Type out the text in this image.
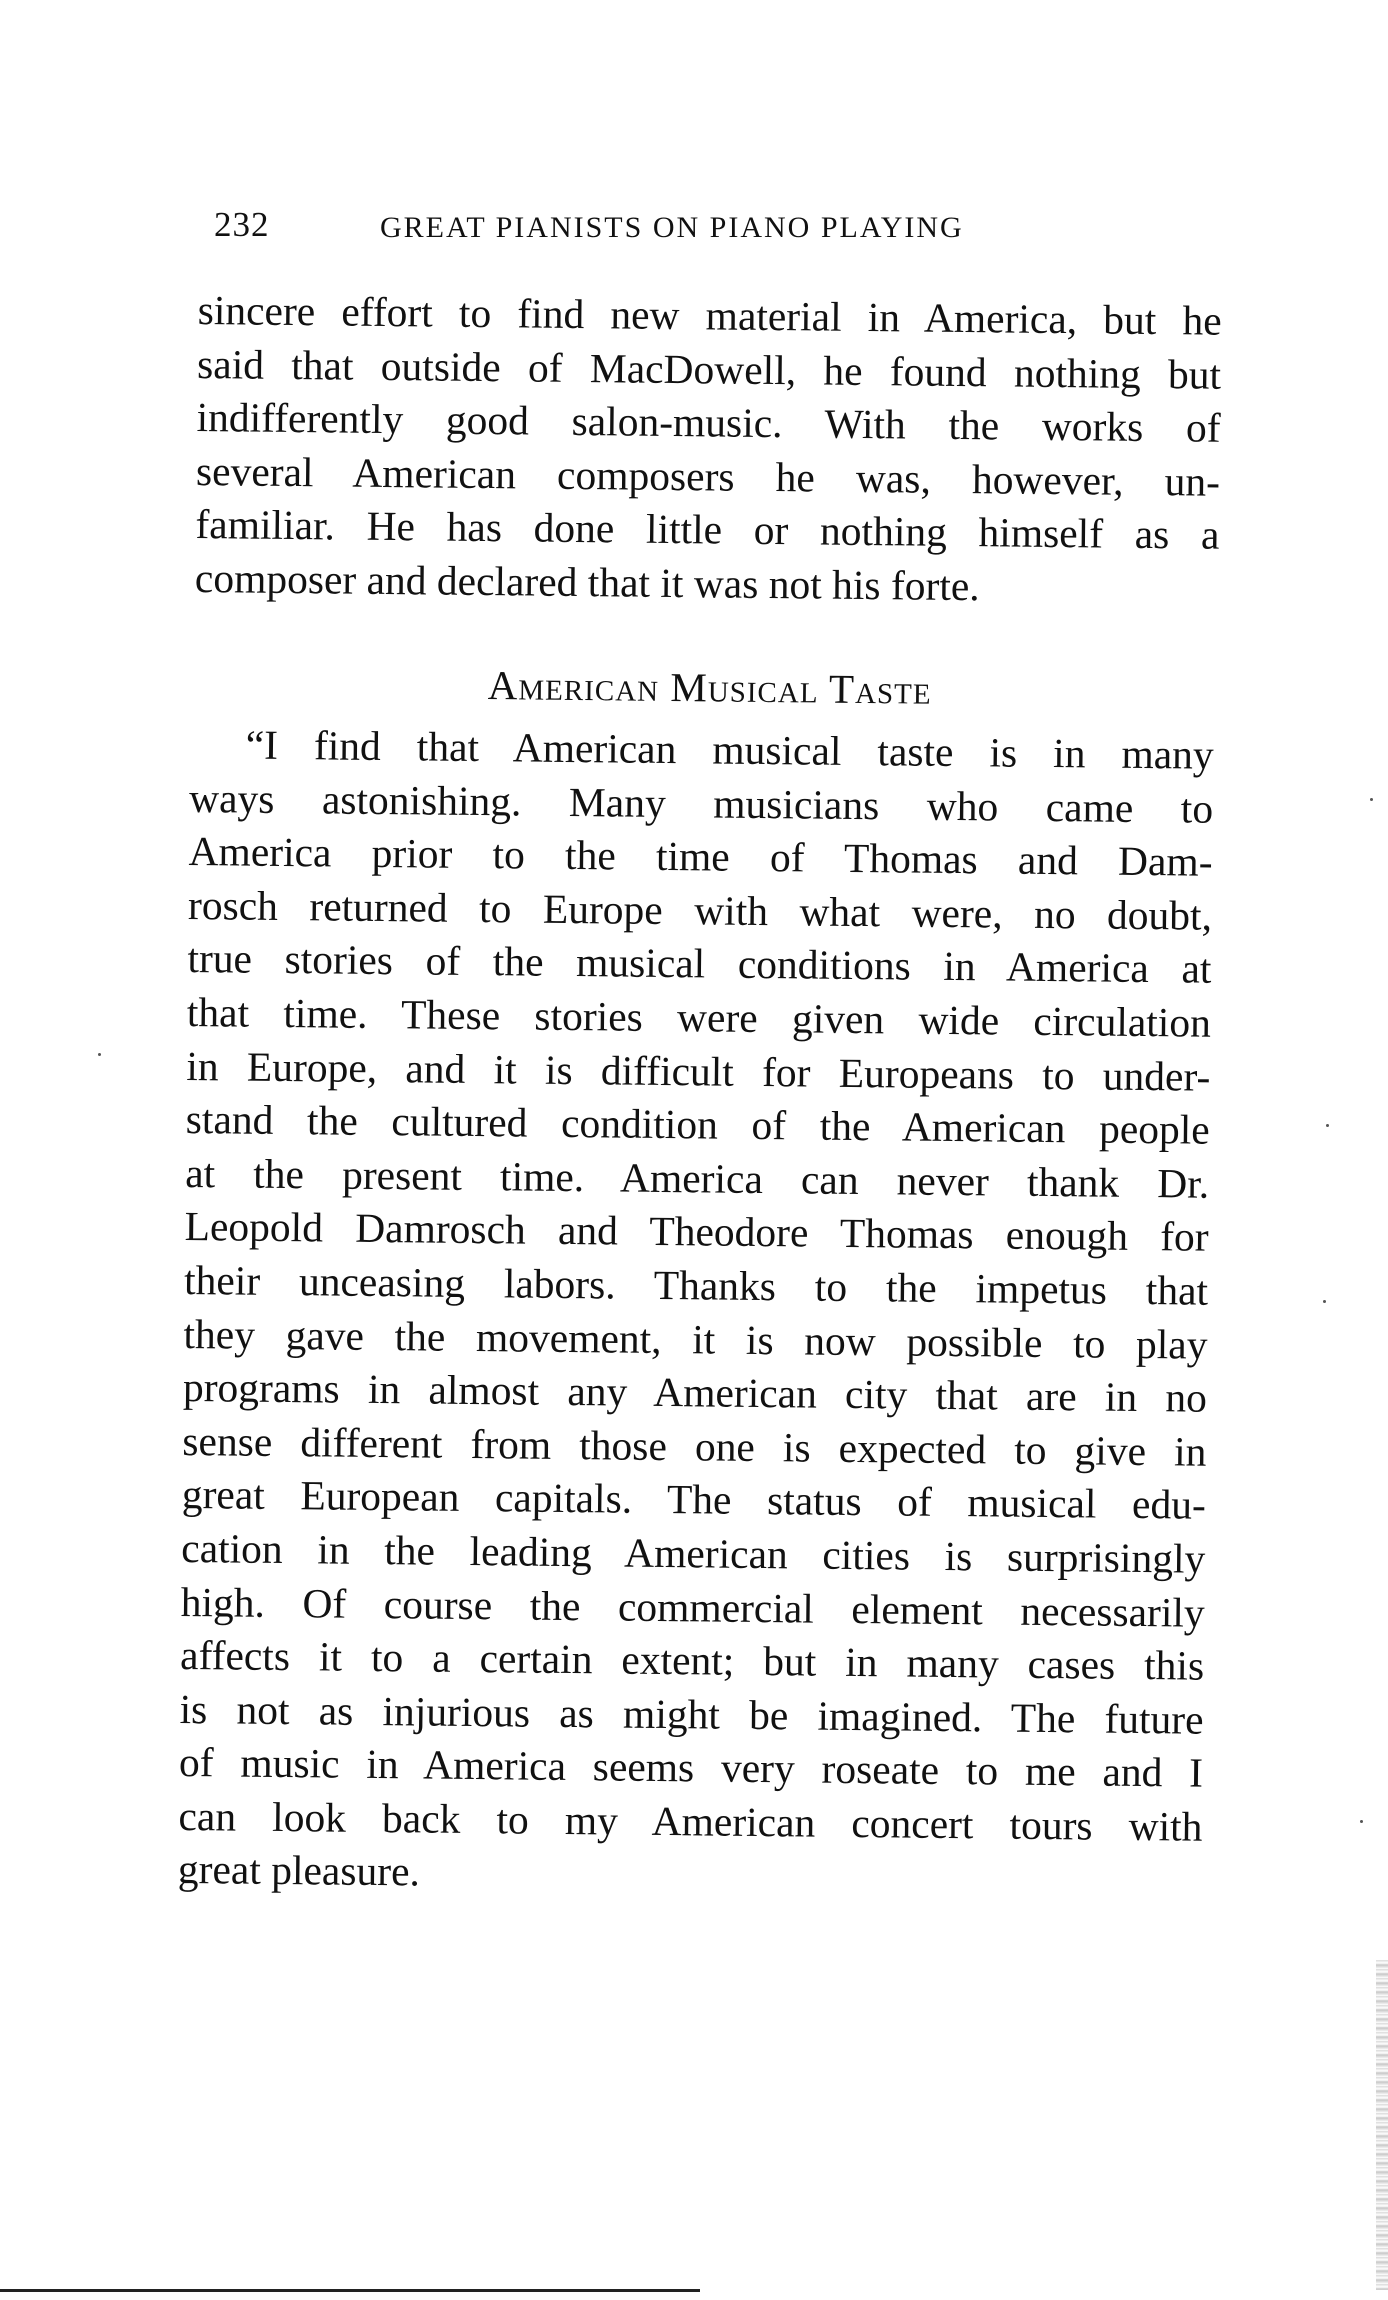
232	GREAT PIANISTS ON PIANO PLAYING
sincere effort to find new material in America, but he
said that outside of MacDowell, he found nothing but
indifferently good salon-music. With the works of
several American composers he was, however, un-
familiar. He has done little or nothing himself as a
composer and declared that it was not his forte.
American Musical Taste
“I find that American musical taste is in many
ways astonishing. Many musicians who came to
America prior to the time of Thomas and Dam-
rosch returned to Europe with what were, no doubt,
true stories of the musical conditions in America at
that time. These stories were given wide circulation
in Europe, and it is difficult for Europeans to under-
stand the cultured condition of the American people
at the present time. America can never thank Dr.
Leopold Damrosch and Theodore Thomas enough for
their unceasing labors. Thanks to the impetus that
they gave the movement, it is now possible to play
programs in almost any American city that are in no
sense different from those one is expected to give in
great European capitals. The status of musical edu-
cation in the leading American cities is surprisingly
high. Of course the commercial element necessarily
affects it to a certain extent; but in many cases this
is not as injurious as might be imagined. The future
of music in America seems very roseate to me and I
can look back to my American concert tours with
great pleasure.
